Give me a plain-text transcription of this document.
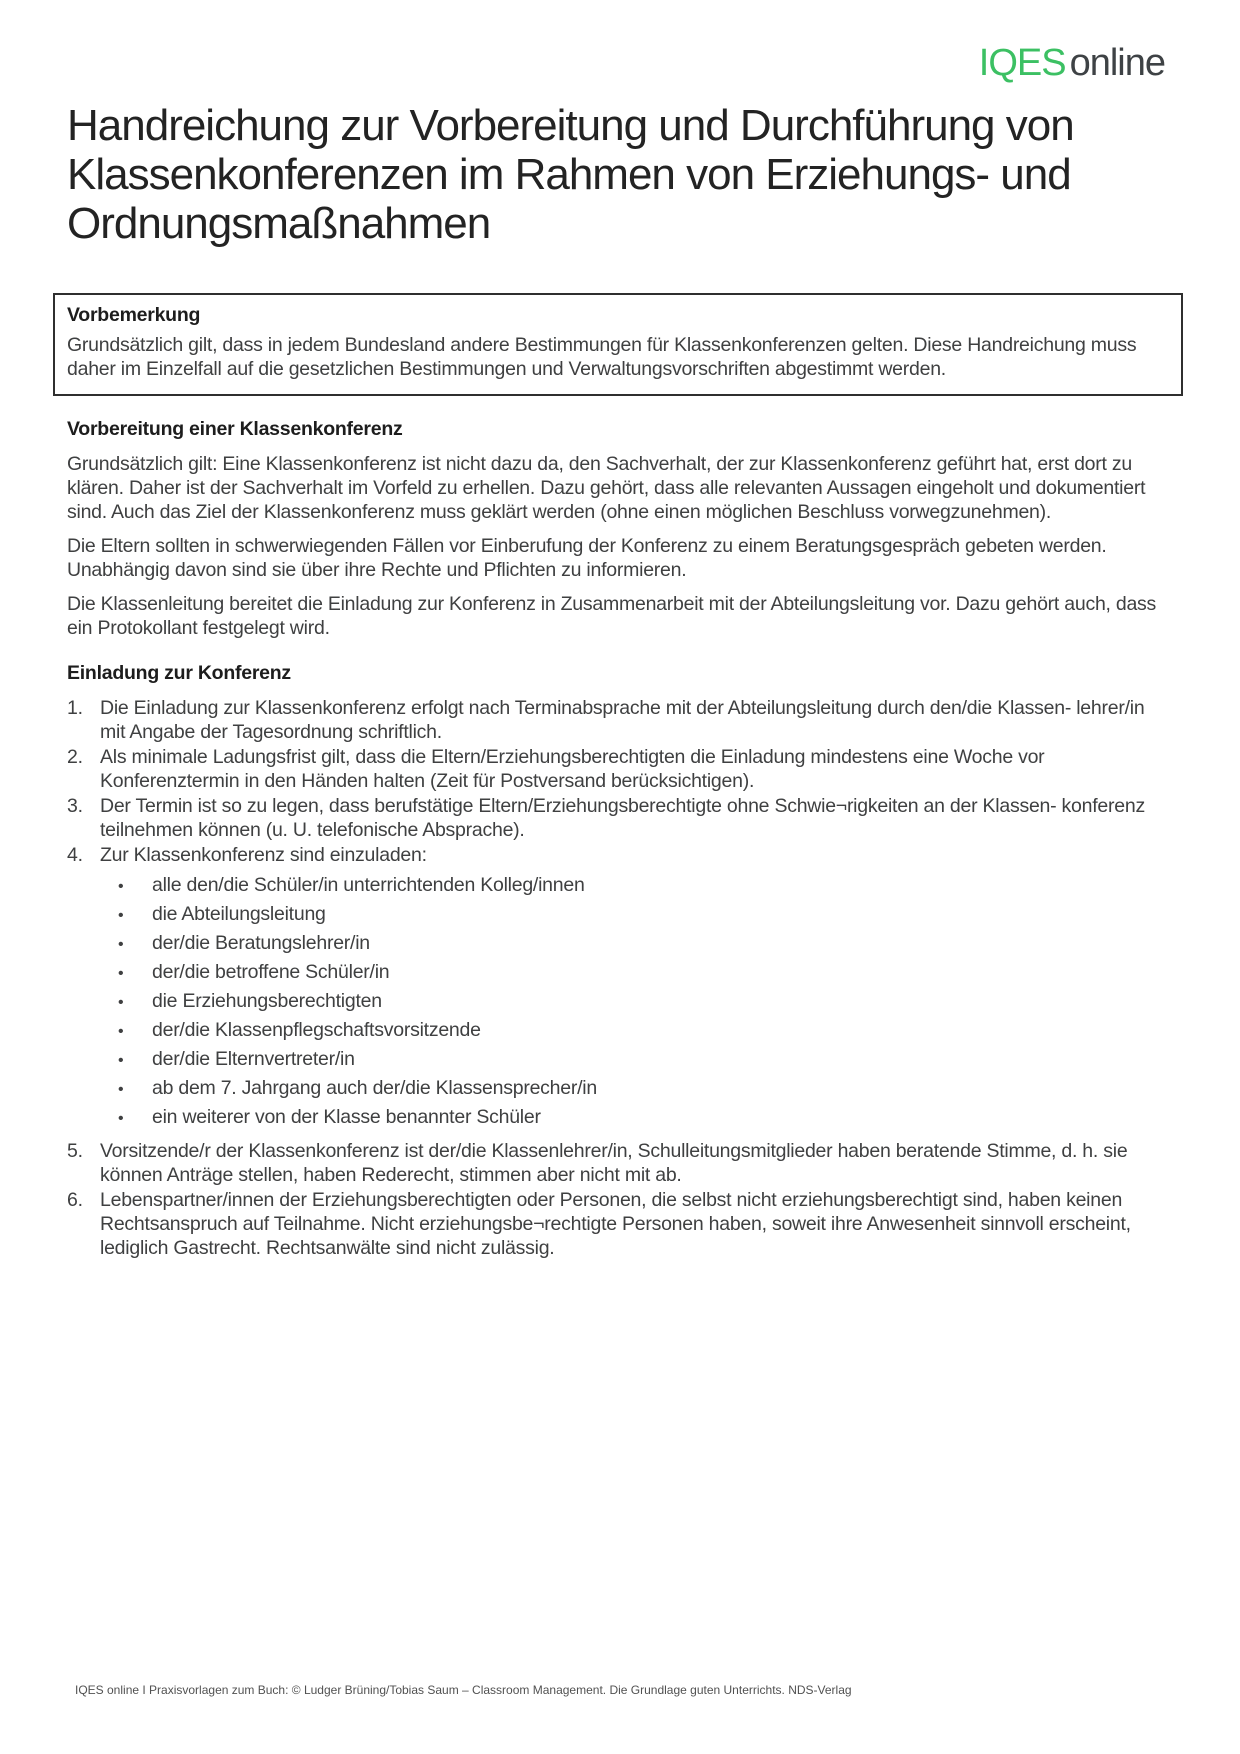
IQES online
Handreichung zur Vorbereitung und Durchführung von Klassenkonferenzen im Rahmen von Erziehungs- und Ordnungsmaßnahmen
Vorbemerkung

Grundsätzlich gilt, dass in jedem Bundesland andere Bestimmungen für Klassenkonferenzen gelten. Diese Handreichung muss daher im Einzelfall auf die gesetzlichen Bestimmungen und Verwaltungsvorschriften abgestimmt werden.

Vorbereitung einer Klassenkonferenz

Grundsätzlich gilt: Eine Klassenkonferenz ist nicht dazu da, den Sachverhalt, der zur Klassenkonferenz geführt hat, erst dort zu klären. Daher ist der Sachverhalt im Vorfeld zu erhellen. Dazu gehört, dass alle relevanten Aussagen eingeholt und dokumentiert sind. Auch das Ziel der Klassenkonferenz muss geklärt werden (ohne einen möglichen Beschluss vorwegzunehmen).

Die Eltern sollten in schwerwiegenden Fällen vor Einberufung der Konferenz zu einem Beratungsgespräch gebeten werden. Unabhängig davon sind sie über ihre Rechte und Pflichten zu informieren.

Die Klassenleitung bereitet die Einladung zur Konferenz in Zusammenarbeit mit der Abteilungsleitung vor. Dazu gehört auch, dass ein Protokollant festgelegt wird.

Einladung zur Konferenz
1. Die Einladung zur Klassenkonferenz erfolgt nach Terminabsprache mit der Abteilungsleitung durch den/die Klassen- lehrer/in mit Angabe der Tagesordnung schriftlich.
2. Als minimale Ladungsfrist gilt, dass die Eltern/Erziehungsberechtigten die Einladung mindestens eine Woche vor Konferenztermin in den Händen halten (Zeit für Postversand berücksichtigen).
3. Der Termin ist so zu legen, dass berufstätige Eltern/Erziehungsberechtigte ohne Schwie¬rigkeiten an der Klassen- konferenz teilnehmen können (u. U. telefonische Absprache).
4. Zur Klassenkonferenz sind einzuladen:
•
alle den/die Schüler/in unterrichtenden Kolleg/innen
•
die Abteilungsleitung
•
der/die Beratungslehrer/in
•
der/die betroffene Schüler/in
•
die Erziehungsberechtigten
•
der/die Klassenpflegschaftsvorsitzende
•
der/die Elternvertreter/in
•
ab dem 7. Jahrgang auch der/die Klassensprecher/in
•
ein weiterer von der Klasse benannter Schüler
5. Vorsitzende/r der Klassenkonferenz ist der/die Klassenlehrer/in, Schulleitungsmitglieder haben beratende Stimme, d. h. sie können Anträge stellen, haben Rederecht, stimmen aber nicht mit ab.
6. Lebenspartner/innen der Erziehungsberechtigten oder Personen, die selbst nicht erziehungsberechtigt sind, haben keinen Rechtsanspruch auf Teilnahme. Nicht erziehungsbe¬rechtigte Personen haben, soweit ihre Anwesenheit sinnvoll erscheint, lediglich Gastrecht. Rechtsanwälte sind nicht zulässig.
IQES online I Praxisvorlagen zum Buch: © Ludger Brüning/Tobias Saum – Classroom Management. Die Grundlage guten Unterrichts. NDS-Verlag
